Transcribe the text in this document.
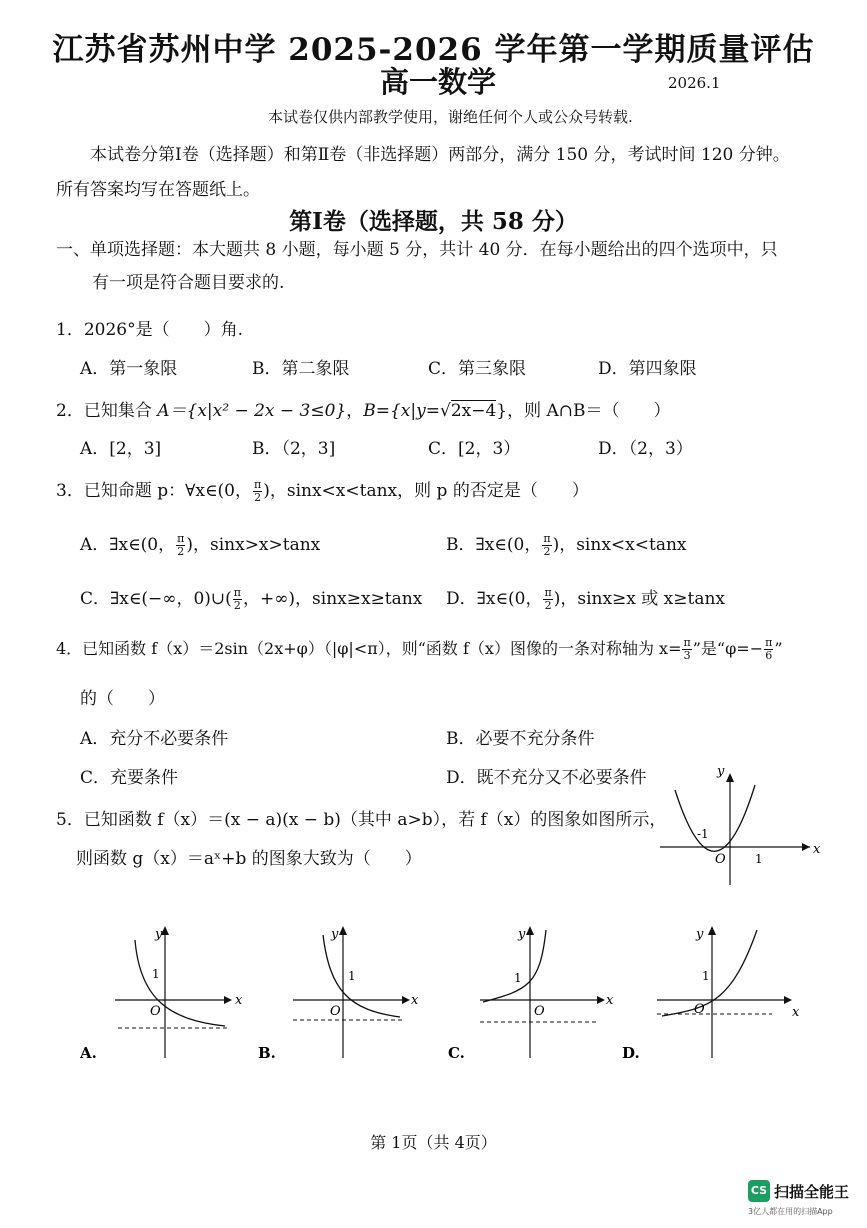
江苏省苏州中学 2025-2026 学年第一学期质量评估
高一数学	2026.1
本试卷仅供内部教学使用，谢绝任何个人或公众号转载.
本试卷分第Ⅰ卷（选择题）和第Ⅱ卷（非选择题）两部分，满分 150 分，考试时间 120 分钟。
所有答案均写在答题纸上。
第Ⅰ卷（选择题，共 58 分）
一、单项选择题：本大题共 8 小题，每小题 5 分，共计 40 分．在每小题给出的四个选项中，只
有一项是符合题目要求的.
1．2026°是（　　）角.
A．第一象限	B．第二象限	C．第三象限	D．第四象限
2．已知集合 A＝{x|x² − 2x − 3≤0}，B={x|y=√2x−4}，则 A∩B＝（　　）
A．[2，3]	B．（2，3]	C．[2，3）	D．（2，3）
3．已知命题 p：∀x∈(0， $\frac{\pi}{2}$ )，sinx<x<tanx，则 p 的否定是（　　）
A．∃x∈(0， $\frac{\pi}{2}$ )，sinx>x>tanx	B．∃x∈(0， $\frac{\pi}{2}$ )，sinx<x<tanx
C．∃x∈(−∞，0)∪( $\frac{\pi}{2}$ ，+∞)，sinx≥x≥tanx D．∃x∈(0， $\frac{\pi}{2}$ )，sinx≥x 或 x≥tanx
4．已知函数 f（x）＝2sin（2x+φ）（|φ|<π），则“函数 f（x）图像的一条对称轴为 $x= \frac{\pi}{3}$ ”是“$\varphi=- \frac{\pi}{6}$ ”
的（　　）
A．充分不必要条件	B．必要不充分条件
C．充要条件	D．既不充分又不必要条件
5．已知函数 f（x）＝(x − a)(x − b)（其中 a>b），若 f（x）的图象如图所示，
则函数 g（x）＝aˣ+b 的图象大致为（　　）
y
x
-1
1
O
y
x
1
O
A.
y
x
1
O
B.
y
x
1
O
C.
y
x
1
O
D.
第 1页（共 4页）
CS 扫描全能王
3亿人都在用的扫描App
